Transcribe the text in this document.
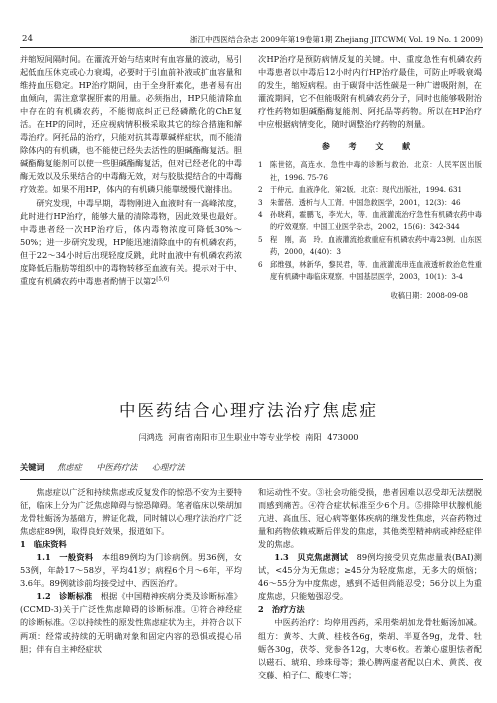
24	浙江中西医结合杂志 2009年第19卷第1期 Zhejiang JITCWM( Vol. 19 No. 1 2009)

并缩短间隔时间。在灌流开始与结束时有血容量的波动，易引起低血压休克或心力衰竭，必要时于引血前补液或扩血容量和维持血压稳定。HP治疗期间，由于全身肝素化，患者易有出血倾向，需注意掌握肝素的用量。必须指出，HP只能清除血中存在的有机磷农药，不能彻底纠正已经磷酰化的ChE复活。在HP的同时，还应视病情积极采取其它的综合措施和解毒治疗。阿托品的治疗，只能对抗其毒蕈碱样症状，而不能清除体内的有机磷，也不能使已经失去活性的胆碱酯酶复活。胆碱酯酶复能剂可以使一些胆碱酯酶复活，但对已经老化的中毒酶无效以及乐果结合的中毒酶无效，对与胶肽提结合的中毒酶疗效差。如果不用HP，体内的有机磷只能靠缓慢代谢排出。

研究发现，中毒早期，毒物刚进入血液时有一高峰浓度，此时进行HP治疗，能够大量的清除毒物，因此效果也最好。中毒患者经一次HP治疗后，体内毒物浓度可降低30%～50%；进一步研究发现，HP能迅速清除血中的有机磷农药，但于22～34小时后出现轻度反跳，此时血液中有机磷农药浓度降低后脂肪等组织中的毒物转移至血液有关。提示对于中、重度有机磷农药中毒患者酌情于以第2[5,6]

次HP治疗是预防病情反复的关键。中、重度急性有机磷农药中毒患者以中毒后12小时内行HP治疗最佳，可防止呼吸衰竭的发生，缩短病程。由于碳肾中活性碳是一种广谱吸附剂，在灌流期间，它不但能吸附有机磷农药分子，同时也能够吸附治疗性药物如胆碱酯酶复能剂、阿托品等药物。所以在HP治疗中应根据病情变化，随时调整治疗药物的剂量。

参 考 文 献
1	陈世铭，高连水．急性中毒的诊断与救治．北京：人民军医出版社，1996. 75-76
2	于仲元．血液净化．第2版．北京：现代出版社，1994. 631
3	朱蕾蓓．透析与人工肾．中国急救医学，2001，12(3)：46
4	孙晓莉，霍鹏飞，李光大，等．血液灌流治疗急性有机磷农药中毒的疗效观察．中国工业医学杂志，2002，15(6)：342-344
5	程　刚，高　玲．血液灌流抢救重症有机磷农药中毒23例．山东医药，2000，4(40)：3
6	邱维强，林新华，黎民君，等．血液灌流串连血液透析救治危性重度有机磷中毒临床观察．中国基层医学，2003，10(1)：3-4
收稿日期：2008-09-08
中医药结合心理疗法治疗焦虑症
闫鸿选 河南省南阳市卫生职业中等专业学校 南阳 473000
关键词 焦虑症 中医药疗法 心理疗法

焦虑症以广泛和持续焦虑或反复发作的惊恐不安为主要特征，临床上分为广泛焦虑障碍与惊恐障碍。笔者临床以柴胡加龙骨牡蛎汤为基础方，辨证化裁，同时辅以心理疗法治疗广泛焦虑症89例，取得良好效果，报道如下。

1　临床资料

1.1　一般资料　 本组89例均为门诊病例。男36例，女53例，年龄17～58岁，平均41岁；病程6个月～6年，平均3.6年。89例就诊前均接受过中、西医治疗。

1.2　诊断标准　 根据《中国精神疾病分类及诊断标准》(CCMD-3)关于广泛性焦虑障碍的诊断标准。①符合神经症的诊断标准。②以持续性的原发性焦虑症状为主，并符合以下两项：经常或持续的无明确对象和固定内容的恐惧或提心吊胆；伴有自主神经症状

和运动性不安。③社会功能受损，患者因难以忍受却无法摆脱而感到痛苦。④符合症状标准至少6个月。⑤排除甲状腺机能亢进、高血压、冠心病等躯体疾病的继发性焦虑，兴奋药物过量和药物依赖戒断后伴发的焦虑，其他类型精神病或神经症伴发的焦虑。

1.3　贝克焦虑测试　 89例均接受贝克焦虑量表(BAI)测试，<45分为无焦虑；≥45分为轻度焦虑，无多大的烦恼；46～55分为中度焦虑，感到不适但尚能忍受；56分以上为重度焦虑，只能勉强忍受。

2　治疗方法

中医药治疗：均停用西药，采用柴胡加龙骨牡蛎汤加减。组方：黄芩、大黄、桂枝各6g，柴胡、半夏各9g，龙骨、牡蛎各30g，茯苓、党参各12g，大枣6枚。若兼心虚胆怯者配以磁石、琥珀、珍珠母等；兼心脾两虚者配以白术、黄芪、夜交藤、柏子仁、酸枣仁等；
